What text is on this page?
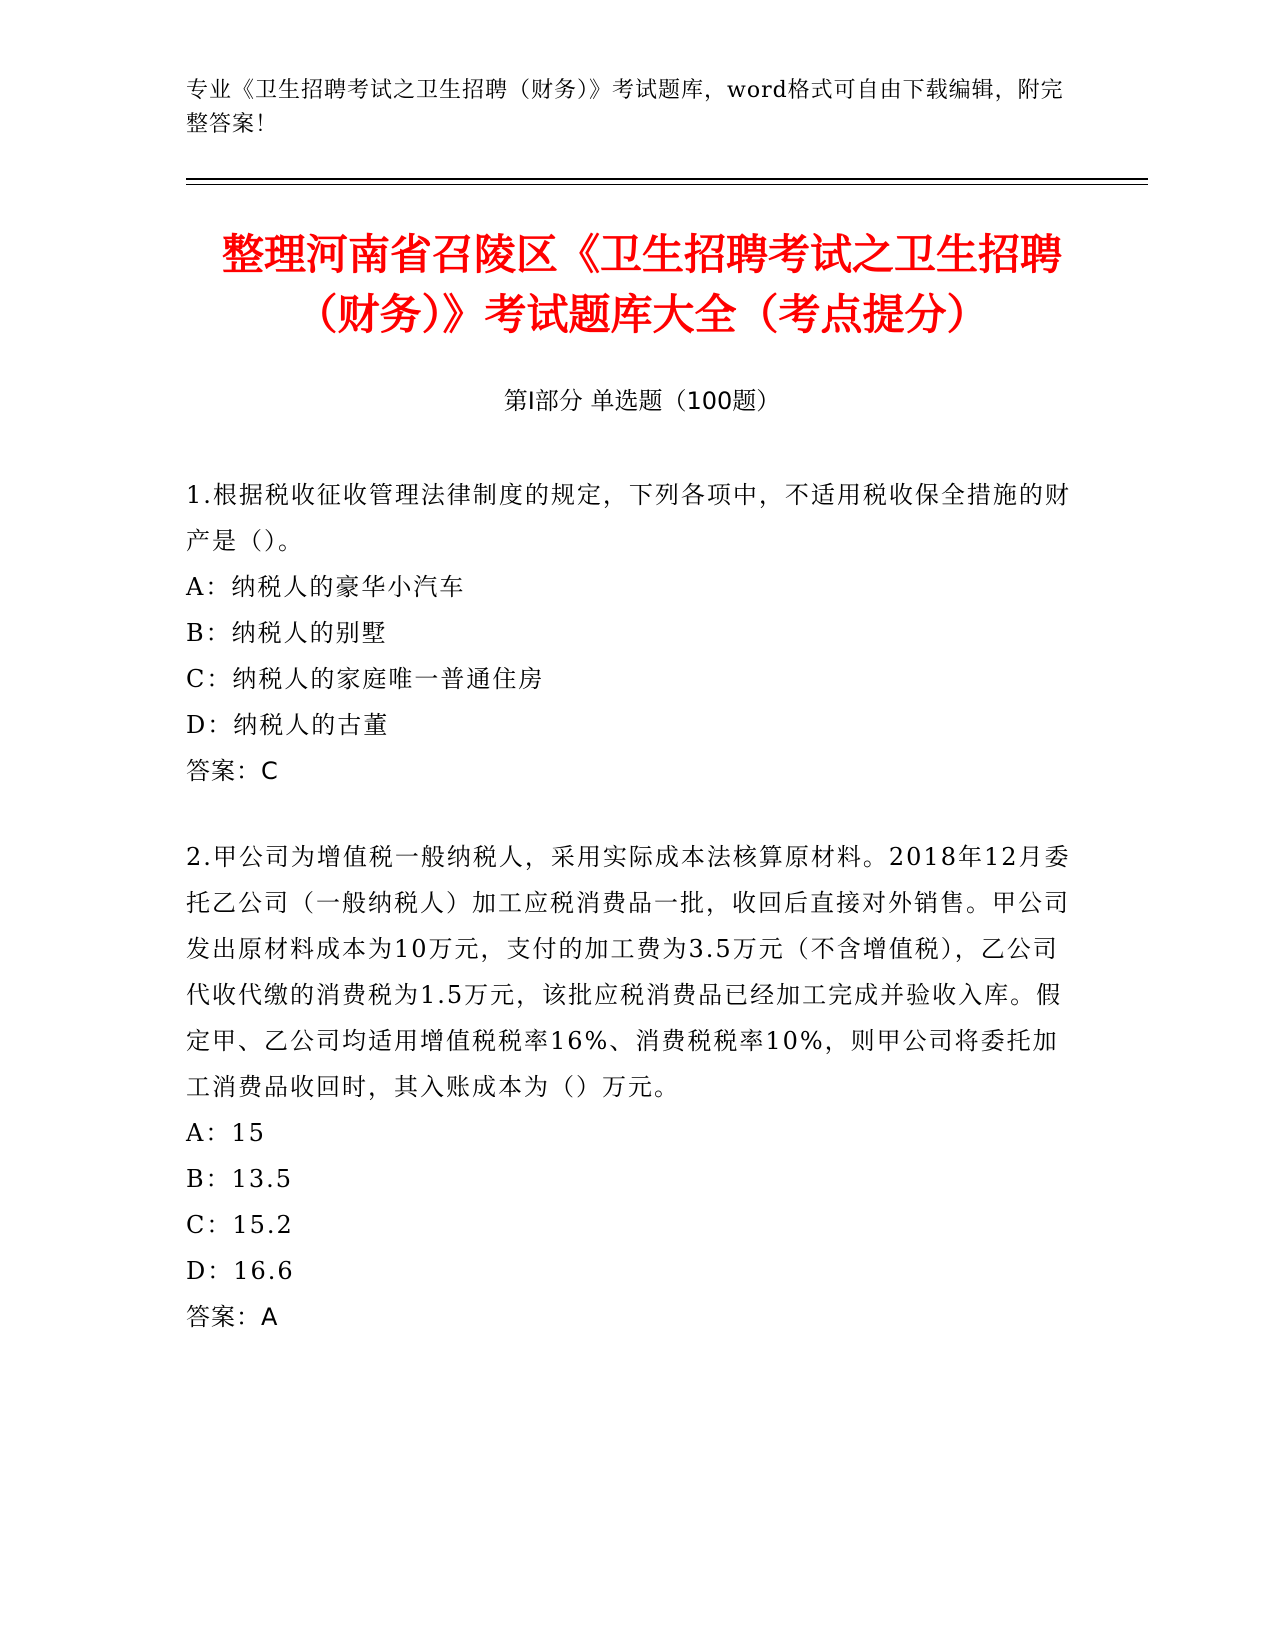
专业《卫生招聘考试之卫生招聘（财务）》考试题库，word格式可自由下载编辑，附完整答案！
整理河南省召陵区《卫生招聘考试之卫生招聘（财务）》考试题库大全（考点提分）
第Ⅰ部分 单选题（100题）

1.根据税收征收管理法律制度的规定，下列各项中，不适用税收保全措施的财产是（）。

A：纳税人的豪华小汽车

B：纳税人的别墅

C：纳税人的家庭唯一普通住房

D：纳税人的古董

答案：C

2.甲公司为增值税一般纳税人，采用实际成本法核算原材料。2018年12月委托乙公司（一般纳税人）加工应税消费品一批，收回后直接对外销售。甲公司发出原材料成本为10万元，支付的加工费为3.5万元（不含增值税），乙公司代收代缴的消费税为1.5万元，该批应税消费品已经加工完成并验收入库。假定甲、乙公司均适用增值税税率16%、消费税税率10%，则甲公司将委托加工消费品收回时，其入账成本为（）万元。

A：15

B：13.5

C：15.2

D：16.6

答案：A
